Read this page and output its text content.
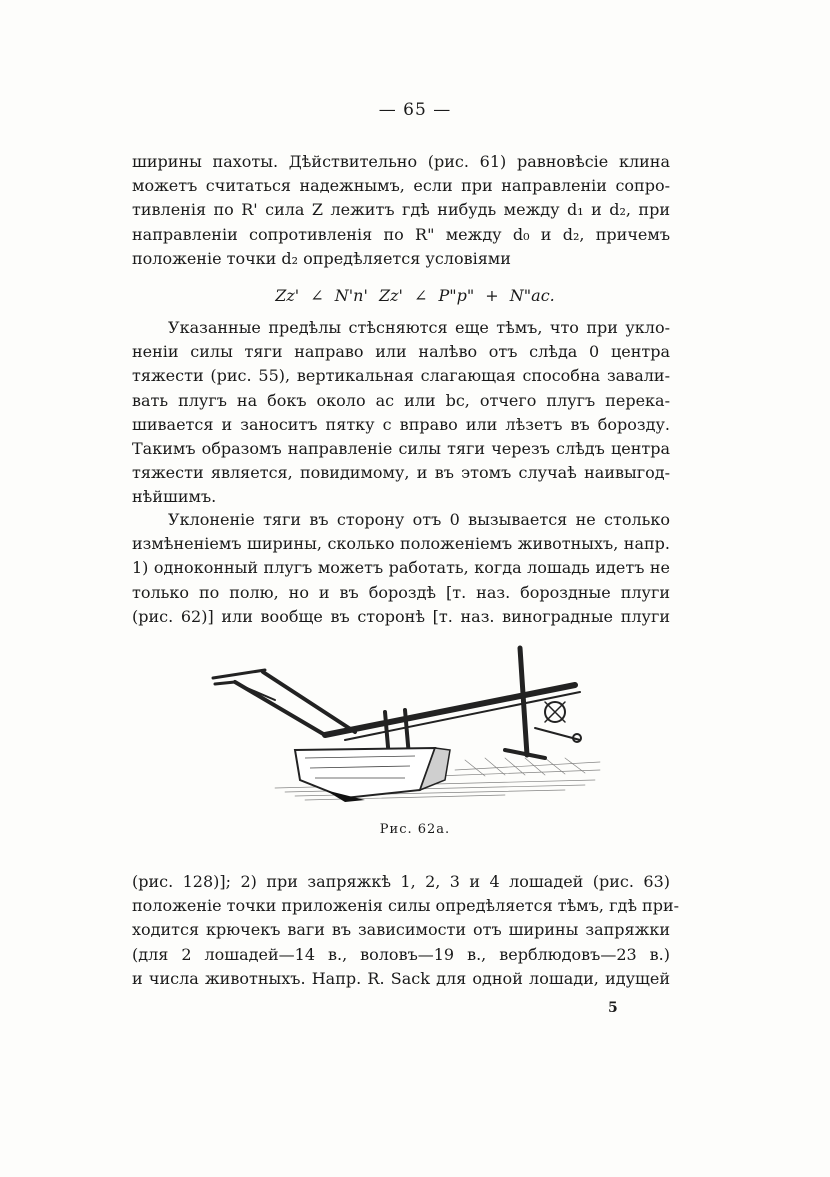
— 65 —
ширины пахоты. Дѣйствительно (рис. 61) равновѣсіе клина
можетъ считаться надежнымъ, если при направленіи сопро-
тивленія по R' сила Z лежитъ гдѣ нибудь между d₁ и d₂, при
направленіи сопротивленія по R" между d₀ и d₂, причемъ
положеніе точки d₂ опредѣляется условіями
Zz' ∠ N'n' Zz' ∠ P"p" + N"ac.
Указанные предѣлы стѣсняются еще тѣмъ, что при укло-
неніи силы тяги направо или налѣво отъ слѣда 0 центра
тяжести (рис. 55), вертикальная слагающая способна завали-
вать плугъ на бокъ около ac или bc, отчего плугъ перека-
шивается и заноситъ пятку c вправо или лѣзетъ въ борозду.
Такимъ образомъ направленіе силы тяги черезъ слѣдъ центра
тяжести является, повидимому, и въ этомъ случаѣ наивыгод-
нѣйшимъ.
Уклоненіе тяги въ сторону отъ 0 вызывается не столько
измѣненіемъ ширины, сколько положеніемъ животныхъ, напр.
1) одноконный плугъ можетъ работать, когда лошадь идетъ не
только по полю, но и въ бороздѣ [т. наз. бороздные плуги
(рис. 62)] или вообще въ сторонѣ [т. наз. виноградные плуги
Рис. 62а.
(рис. 128)]; 2) при запряжкѣ 1, 2, 3 и 4 лошадей (рис. 63)
положеніе точки приложенія силы опредѣляется тѣмъ, гдѣ при-
ходится крючекъ ваги въ зависимости отъ ширины запряжки
(для 2 лошадей—14 в., воловъ—19 в., верблюдовъ—23 в.)
и числа животныхъ. Напр. R. Sack для одной лошади, идущей
5
